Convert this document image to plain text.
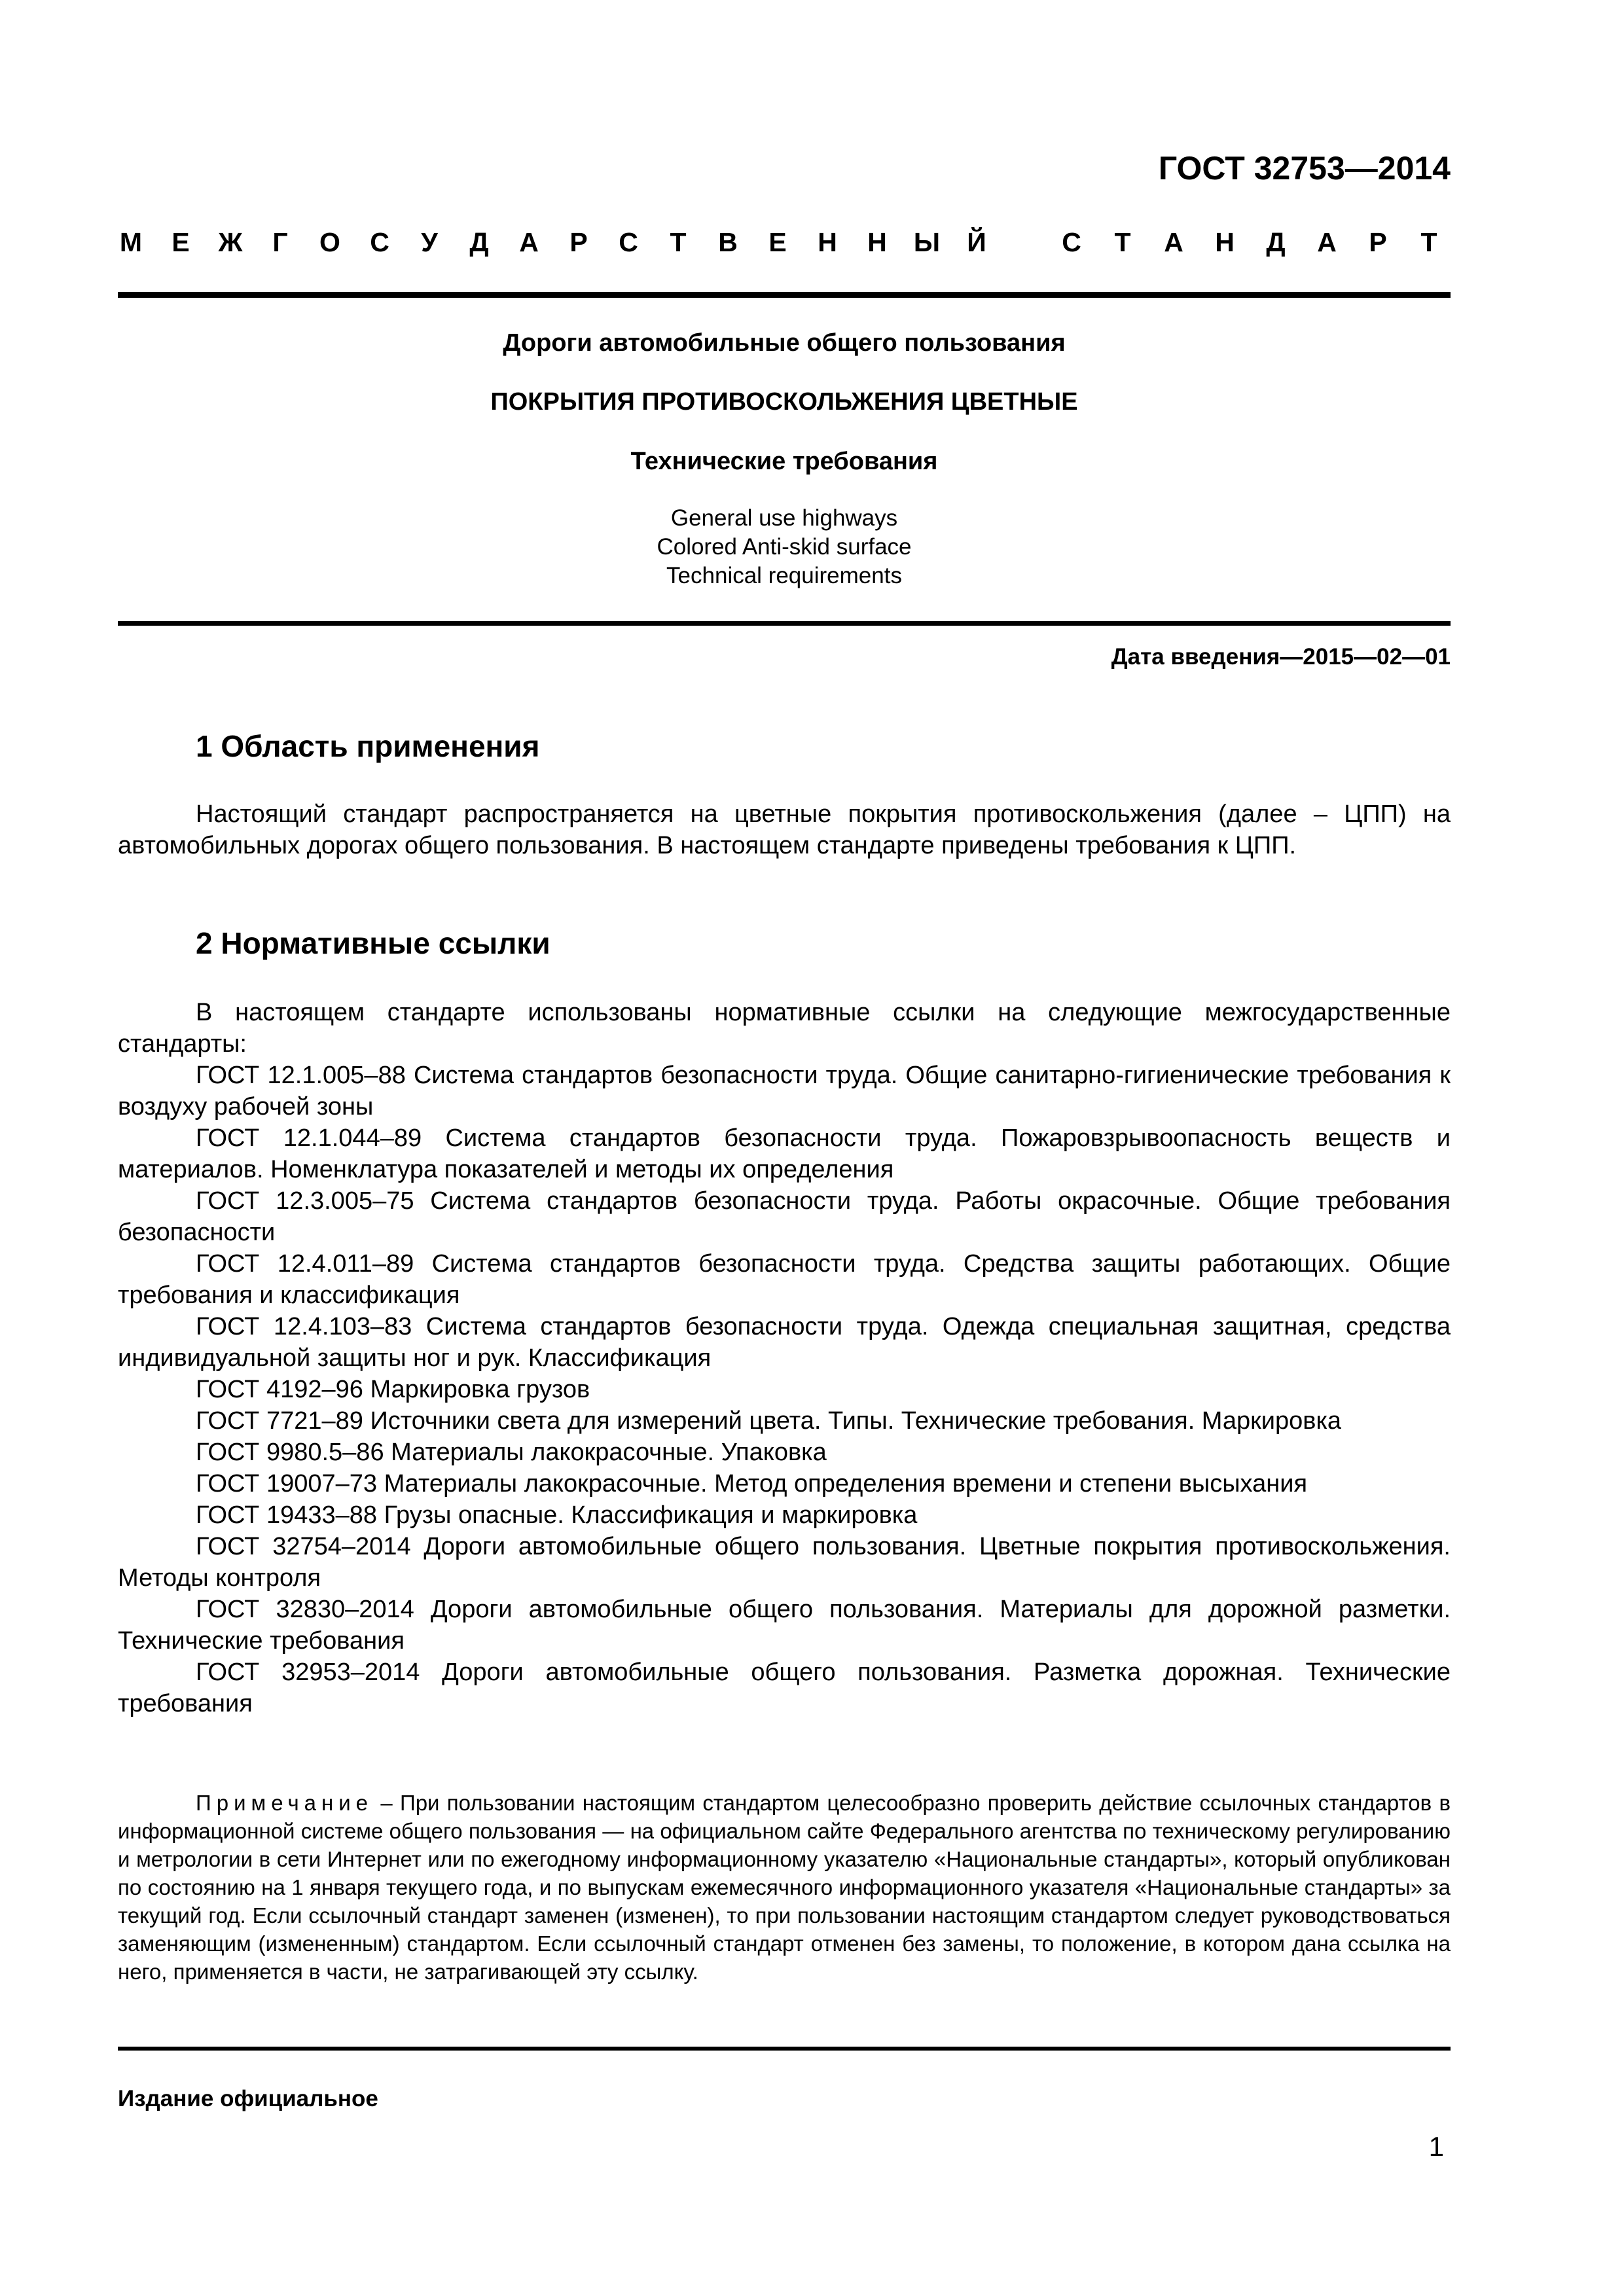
ГОСТ 32753—2014
М Е Ж Г О С У Д А Р С Т В Е Н Н Ы Й	С Т А Н Д А Р Т
Дороги автомобильные общего пользования
ПОКРЫТИЯ ПРОТИВОСКОЛЬЖЕНИЯ ЦВЕТНЫЕ
Технические требования
General use highways
Colored Anti-skid surface
Technical requirements
Дата введения—2015—02—01
1 Область применения

Настоящий стандарт распространяется на цветные покрытия противоскольжения (далее – ЦПП) на автомобильных дорогах общего пользования. В настоящем стандарте приведены требования к ЦПП.

2 Нормативные ссылки

В настоящем стандарте использованы нормативные ссылки на следующие межгосударственные стандарты:

ГОСТ 12.1.005–88 Система стандартов безопасности труда. Общие санитарно-гигиенические требования к воздуху рабочей зоны

ГОСТ 12.1.044–89 Система стандартов безопасности труда. Пожаровзрывоопасность веществ и материалов. Номенклатура показателей и методы их определения

ГОСТ 12.3.005–75 Система стандартов безопасности труда. Работы окрасочные. Общие требования безопасности

ГОСТ 12.4.011–89 Система стандартов безопасности труда. Средства защиты работающих. Общие требования и классификация

ГОСТ 12.4.103–83 Система стандартов безопасности труда. Одежда специальная защитная, средства индивидуальной защиты ног и рук. Классификация

ГОСТ 4192–96 Маркировка грузов

ГОСТ 7721–89 Источники света для измерений цвета. Типы. Технические требования. Маркировка

ГОСТ 9980.5–86 Материалы лакокрасочные. Упаковка

ГОСТ 19007–73 Материалы лакокрасочные. Метод определения времени и степени высыхания

ГОСТ 19433–88 Грузы опасные. Классификация и маркировка

ГОСТ 32754–2014 Дороги автомобильные общего пользования. Цветные покрытия противоскольжения. Методы контроля

ГОСТ 32830–2014 Дороги автомобильные общего пользования. Материалы для дорожной разметки. Технические требования

ГОСТ 32953–2014 Дороги автомобильные общего пользования. Разметка дорожная. Технические требования

Примечание – При пользовании настоящим стандартом целесообразно проверить действие ссылочных стандартов в информационной системе общего пользования — на официальном сайте Федерального агентства по техническому регулированию и метрологии в сети Интернет или по ежегодному информационному указателю «Национальные стандарты», который опубликован по состоянию на 1 января текущего года, и по выпускам ежемесячного информационного указателя «Национальные стандарты» за текущий год. Если ссылочный стандарт заменен (изменен), то при пользовании настоящим стандартом следует руководствоваться заменяющим (измененным) стандартом. Если ссылочный стандарт отменен без замены, то положение, в котором дана ссылка на него, применяется в части, не затрагивающей эту ссылку.
Издание официальное
1
